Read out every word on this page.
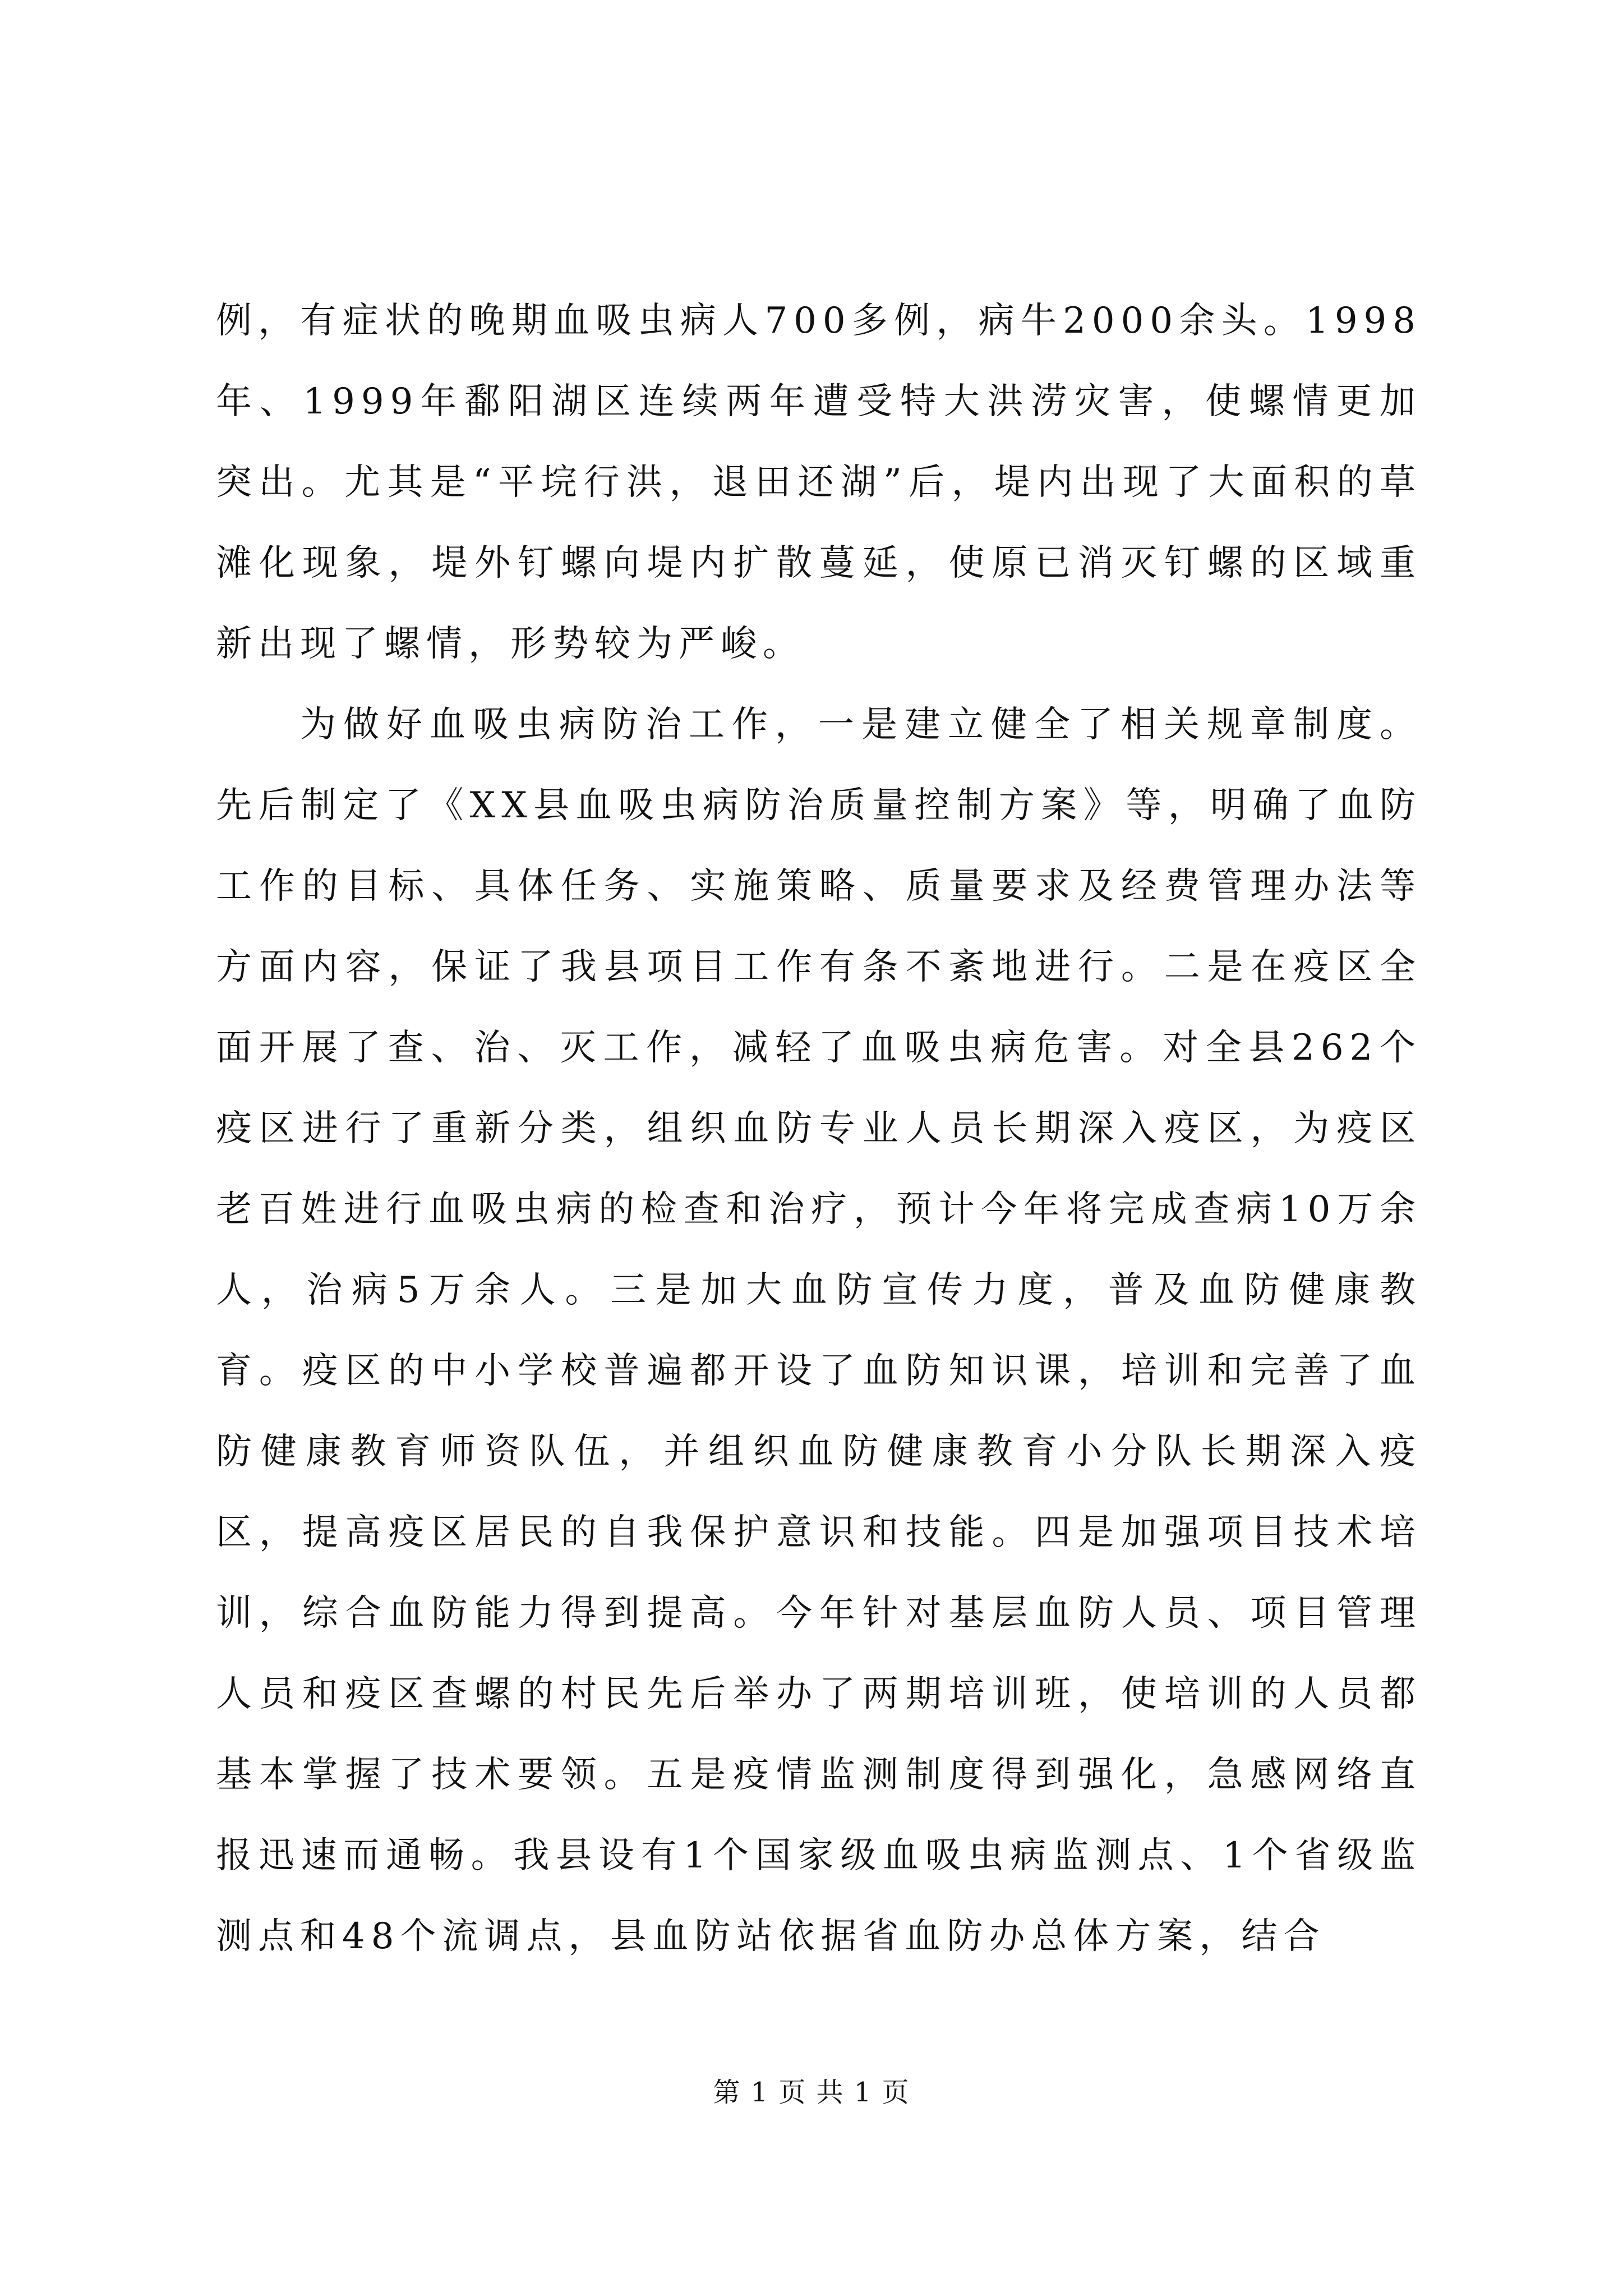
例，有症状的晚期血吸虫病人700多例，病牛2000余头。1998年、1999年鄱阳湖区连续两年遭受特大洪涝灾害，使螺情更加突出。尤其是“平垸行洪，退田还湖”后，堤内出现了大面积的草滩化现象，堤外钉螺向堤内扩散蔓延，使原已消灭钉螺的区域重新出现了螺情，形势较为严峻。

为做好血吸虫病防治工作，一是建立健全了相关规章制度。先后制定了《XX县血吸虫病防治质量控制方案》等，明确了血防工作的目标、具体任务、实施策略、质量要求及经费管理办法等方面内容，保证了我县项目工作有条不紊地进行。二是在疫区全面开展了查、治、灭工作，减轻了血吸虫病危害。对全县262个疫区进行了重新分类，组织血防专业人员长期深入疫区，为疫区老百姓进行血吸虫病的检查和治疗，预计今年将完成查病10万余人，治病5万余人。三是加大血防宣传力度，普及血防健康教育。疫区的中小学校普遍都开设了血防知识课，培训和完善了血防健康教育师资队伍，并组织血防健康教育小分队长期深入疫区，提高疫区居民的自我保护意识和技能。四是加强项目技术培训，综合血防能力得到提高。今年针对基层血防人员、项目管理人员和疫区查螺的村民先后举办了两期培训班，使培训的人员都基本掌握了技术要领。五是疫情监测制度得到强化，急感网络直报迅速而通畅。我县设有1个国家级血吸虫病监测点、1个省级监测点和48个流调点，县血防站依据省血防办总体方案，结合

第 1 页 共 1 页
